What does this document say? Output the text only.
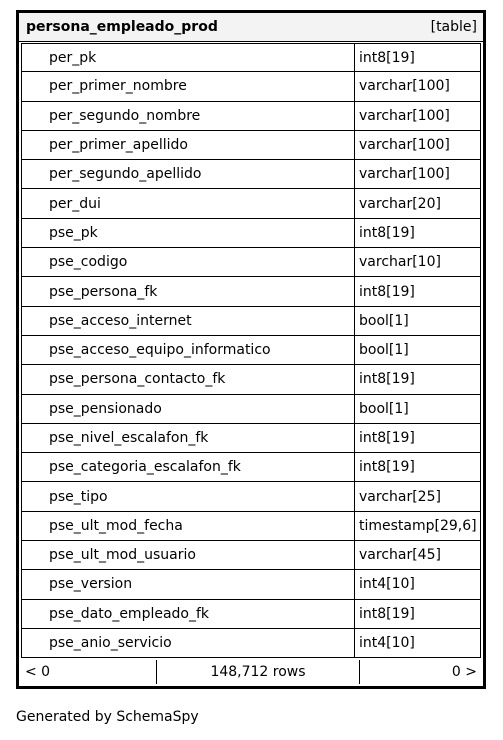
persona_empleado_prod	[table]
per_pk	int8[19]
per_primer_nombre	varchar[100]
per_segundo_nombre	varchar[100]
per_primer_apellido	varchar[100]
per_segundo_apellido	varchar[100]
per_dui	varchar[20]
pse_pk	int8[19]
pse_codigo	varchar[10]
pse_persona_fk	int8[19]
pse_acceso_internet	bool[1]
pse_acceso_equipo_informatico	bool[1]
pse_persona_contacto_fk	int8[19]
pse_pensionado	bool[1]
pse_nivel_escalafon_fk	int8[19]
pse_categoria_escalafon_fk	int8[19]
pse_tipo	varchar[25]
pse_ult_mod_fecha	timestamp[29,6]
pse_ult_mod_usuario	varchar[45]
pse_version	int4[10]
pse_dato_empleado_fk	int8[19]
pse_anio_servicio	int4[10]
< 0	148,712 rows	0 >
Generated by SchemaSpy
